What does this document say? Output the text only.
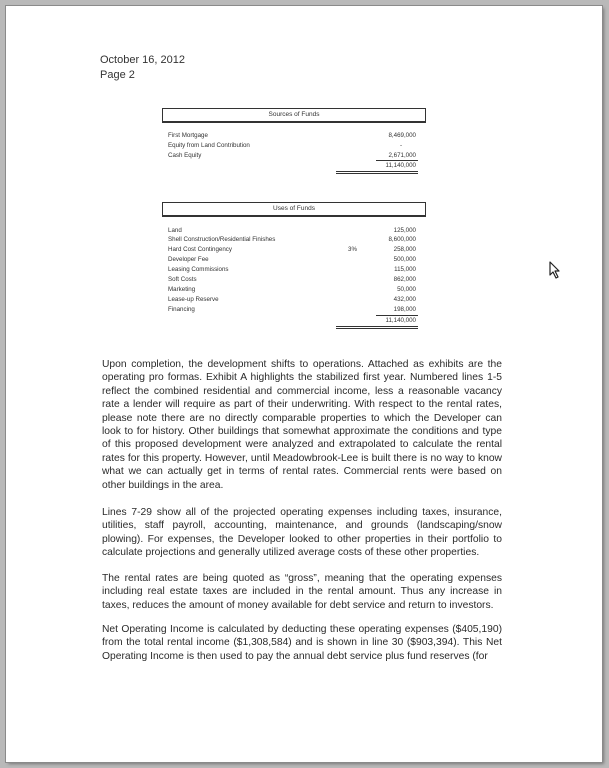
October 16, 2012
Page 2
Sources of Funds
First Mortgage	8,469,000
Equity from Land Contribution	-
Cash Equity	2,671,000
11,140,000
Uses of Funds
Land	125,000
Shell Construction/Residential Finishes	8,600,000
Hard Cost Contingency	3%	258,000
Developer Fee	500,000
Leasing Commissions	115,000
Soft Costs	862,000
Marketing	50,000
Lease-up Reserve	432,000
Financing	198,000
11,140,000
Upon completion, the development shifts to operations. Attached as exhibits are the operating pro formas. Exhibit A highlights the stabilized first year. Numbered lines 1-5 reflect the combined residential and commercial income, less a reasonable vacancy rate a lender will require as part of their underwriting. With respect to the rental rates, please note there are no directly comparable properties to which the Developer can look to for history. Other buildings that somewhat approximate the conditions and type of this proposed development were analyzed and extrapolated to calculate the rental rates for this property. However, until Meadowbrook-Lee is built there is no way to know what we can actually get in terms of rental rates. Commercial rents were based on other buildings in the area.
Lines 7-29 show all of the projected operating expenses including taxes, insurance, utilities, staff payroll, accounting, maintenance, and grounds (landscaping/snow plowing). For expenses, the Developer looked to other properties in their portfolio to calculate projections and generally utilized average costs of these other properties.
The rental rates are being quoted as “gross”, meaning that the operating expenses including real estate taxes are included in the rental amount. Thus any increase in taxes, reduces the amount of money available for debt service and return to investors.
Net Operating Income is calculated by deducting these operating expenses ($405,190) from the total rental income ($1,308,584) and is shown in line 30 ($903,394). This Net Operating Income is then used to pay the annual debt service plus fund reserves (for
